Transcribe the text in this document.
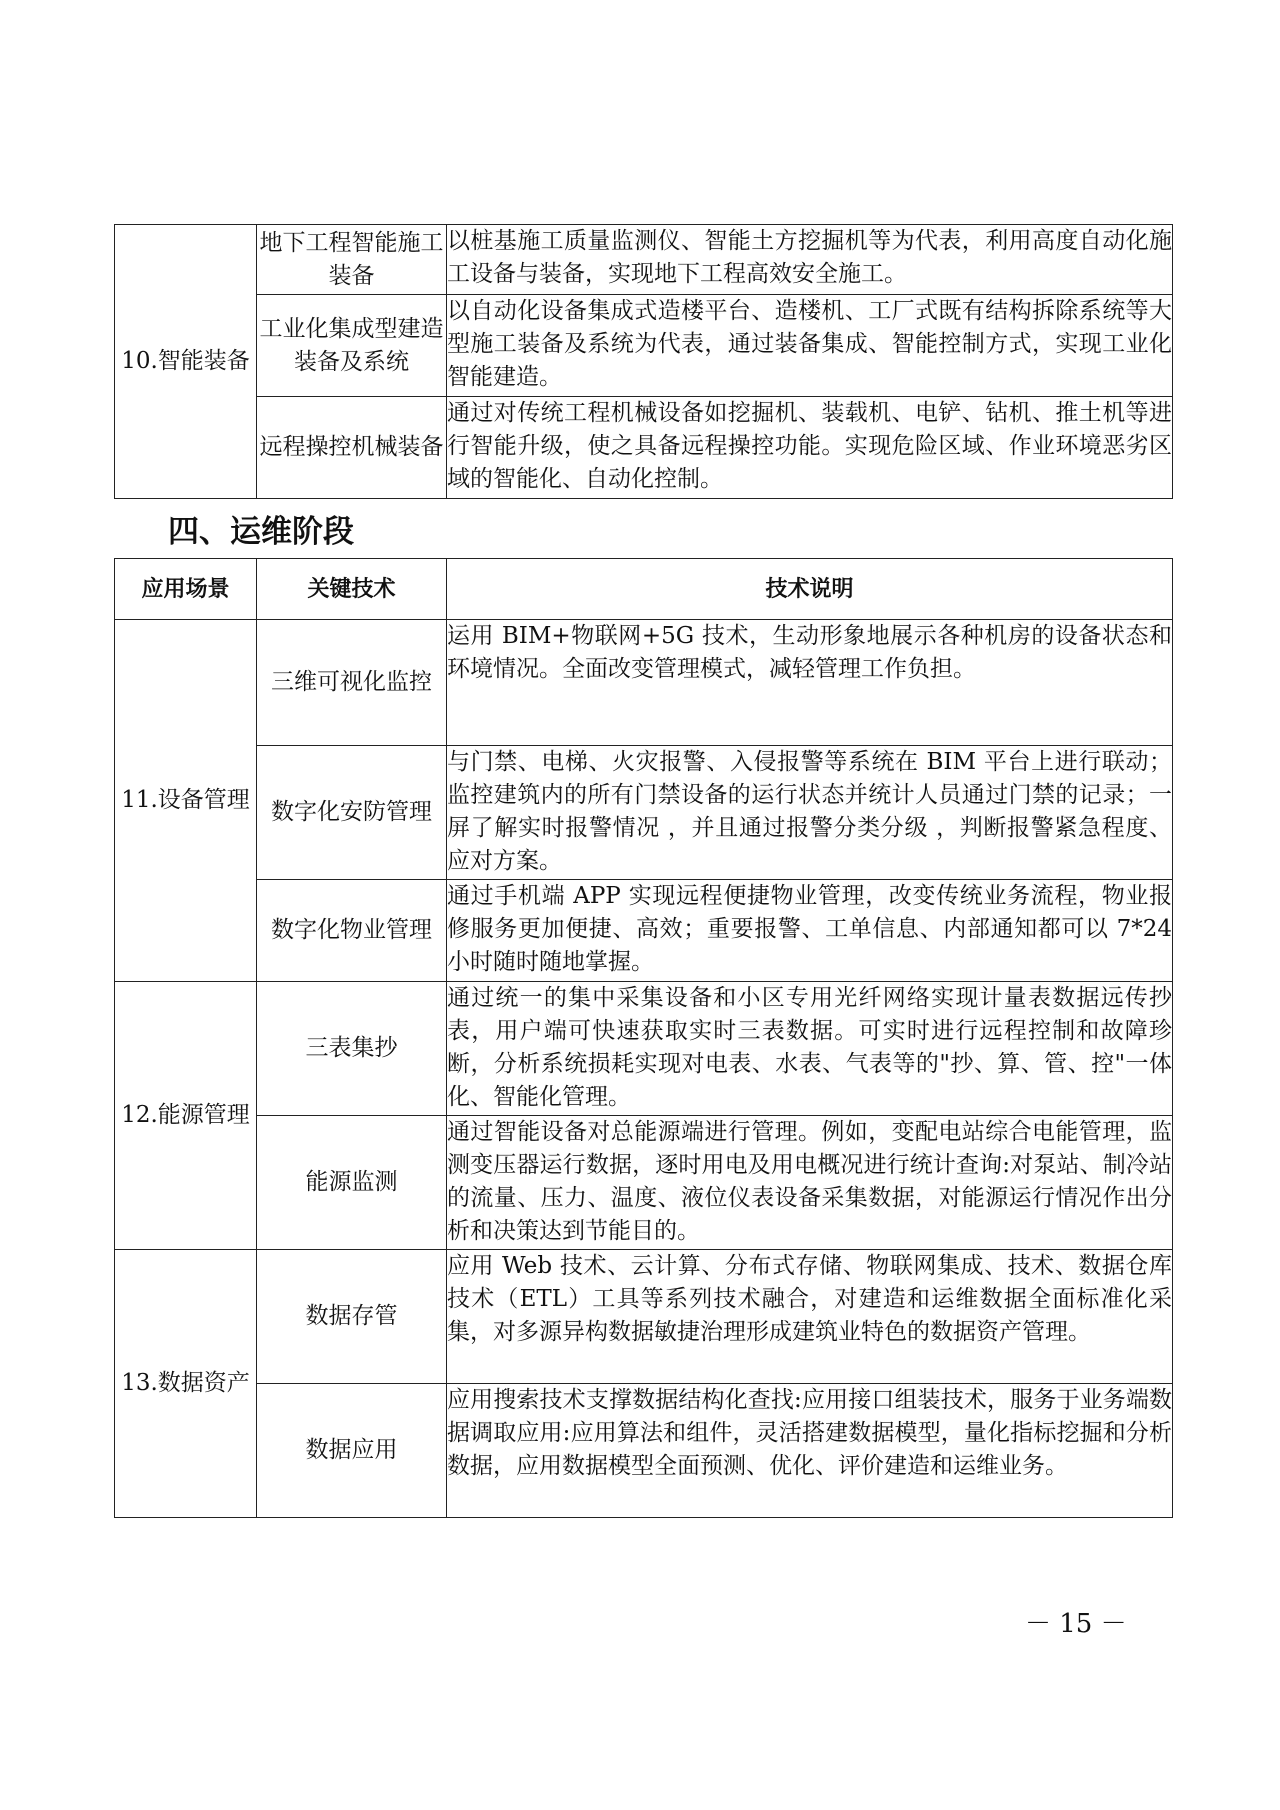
10.智能装备	地下工程智能施工装备	以桩基施工质量监测仪、智能土方挖掘机等为代表，利用高度自动化施工设备与装备，实现地下工程高效安全施工。
	工业化集成型建造装备及系统	以自动化设备集成式造楼平台、造楼机、工厂式既有结构拆除系统等大型施工装备及系统为代表，通过装备集成、智能控制方式，实现工业化智能建造。
	远程操控机械装备	通过对传统工程机械设备如挖掘机、装载机、电铲、钻机、推土机等进行智能升级，使之具备远程操控功能。实现危险区域、作业环境恶劣区域的智能化、自动化控制。
四、运维阶段
应用场景	关键技术	技术说明
11.设备管理	三维可视化监控	运用 BIM+物联网+5G 技术，生动形象地展示各种机房的设备状态和环境情况。全面改变管理模式，减轻管理工作负担。
	数字化安防管理	与门禁、电梯、火灾报警、入侵报警等系统在 BIM 平台上进行联动；监控建筑内的所有门禁设备的运行状态并统计人员通过门禁的记录；一屏了解实时报警情况 ，并且通过报警分类分级 ，判断报警紧急程度、应对方案。
	数字化物业管理	通过手机端 APP 实现远程便捷物业管理，改变传统业务流程，物业报修服务更加便捷、高效；重要报警、工单信息、内部通知都可以 7*24 小时随时随地掌握。
12.能源管理	三表集抄	通过统一的集中采集设备和小区专用光纤网络实现计量表数据远传抄表，用户端可快速获取实时三表数据。可实时进行远程控制和故障珍断，分析系统损耗实现对电表、水表、气表等的"抄、算、管、控"一体化、智能化管理。
	能源监测	通过智能设备对总能源端进行管理。例如，变配电站综合电能管理，监测变压器运行数据，逐时用电及用电概况进行统计查询:对泵站、制冷站的流量、压力、温度、液位仪表设备采集数据，对能源运行情况作出分析和决策达到节能目的。
13.数据资产	数据存管	应用 Web 技术、云计算、分布式存储、物联网集成、技术、数据仓库技术（ETL）工具等系列技术融合，对建造和运维数据全面标准化采集，对多源异构数据敏捷治理形成建筑业特色的数据资产管理。
	数据应用	应用搜索技术支撑数据结构化查找:应用接口组装技术，服务于业务端数据调取应用:应用算法和组件，灵活搭建数据模型，量化指标挖掘和分析数据，应用数据模型全面预测、优化、评价建造和运维业务。
－ 15 －
